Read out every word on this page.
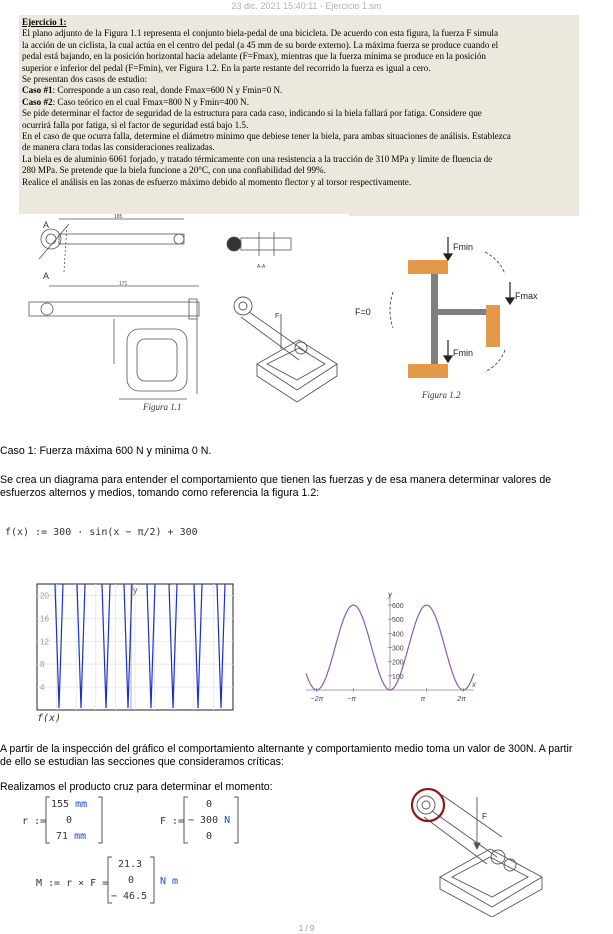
23 dic. 2021 15:40:11 - Ejercicio 1.sm

Ejercicio 1:

El plano adjunto de la Figura 1.1 representa el conjunto biela-pedal de una bicicleta. De acuerdo con esta figura, la fuerza F simula

la acción de un ciclista, la cual actúa en el centro del pedal (a 45 mm de su borde externo). La máxima fuerza se produce cuando el

pedal está bajando, en la posición horizontal hacia adelante (F=Fmax), mientras que la fuerza mínima se produce en la posición

superior e inferior del pedal (F=Fmin), ver Figura 1.2. En la parte restante del recorrido la fuerza es igual a cero.

Se presentan dos casos de estudio:

Caso #1: Corresponde a un caso real, donde Fmax=600 N y Fmin=0 N.

Caso #2: Caso teórico en el cual Fmax=800 N y Fmin=400 N.

Se pide determinar el factor de seguridad de la estructura para cada caso, indicando si la biela fallará por fatiga. Considere que

ocurrirá falla por fatiga, si el factor de seguridad está bajo 1.5.

En el caso de que ocurra falla, determine el diámetro mínimo que debiese tener la biela, para ambas situaciones de análisis. Establezca

de manera clara todas las consideraciones realizadas.

La biela es de aluminio 6061 forjado, y tratado térmicamente con una resistencia a la tracción de 310 MPa y límite de fluencia de

280 MPa. Se pretende que la biela funcione a 20°C, con una confiabilidad del 99%.

Realice el análisis en las zonas de esfuerzo máximo debido al momento flector y al torsor respectivamente.

185
171
A
A
A-A
F
Figura 1.1
Fmin
Fmax
Fmin
F=0
Figura 1.2
Caso 1: Fuerza máxima 600 N y minima 0 N.
Se crea un diagrama para entender el comportamiento que tienen las fuerzas y de esa manera determinar valores de
esfuerzos alternos y medios, tomando como referencia la figura 1.2:
f(x) := 300 · sin(x − π/2) + 300
4
8
12
16
20
y
f(x)
y
x
100
200
300
400
500
600
−2π	−π	π	2π
A partir de la inspección del gráfico el comportamiento alternante y comportamiento medio toma un valor de 300N. A partir
de ello se estudian las secciones que consideramos críticas:
Realizamos el producto cruz para determinar el momento:
r :=
155 mm
0
71 mm
F :=
0
− 300 N
0
M := r × F =
21.3
0
− 46.5
N m
F
1 / 9
